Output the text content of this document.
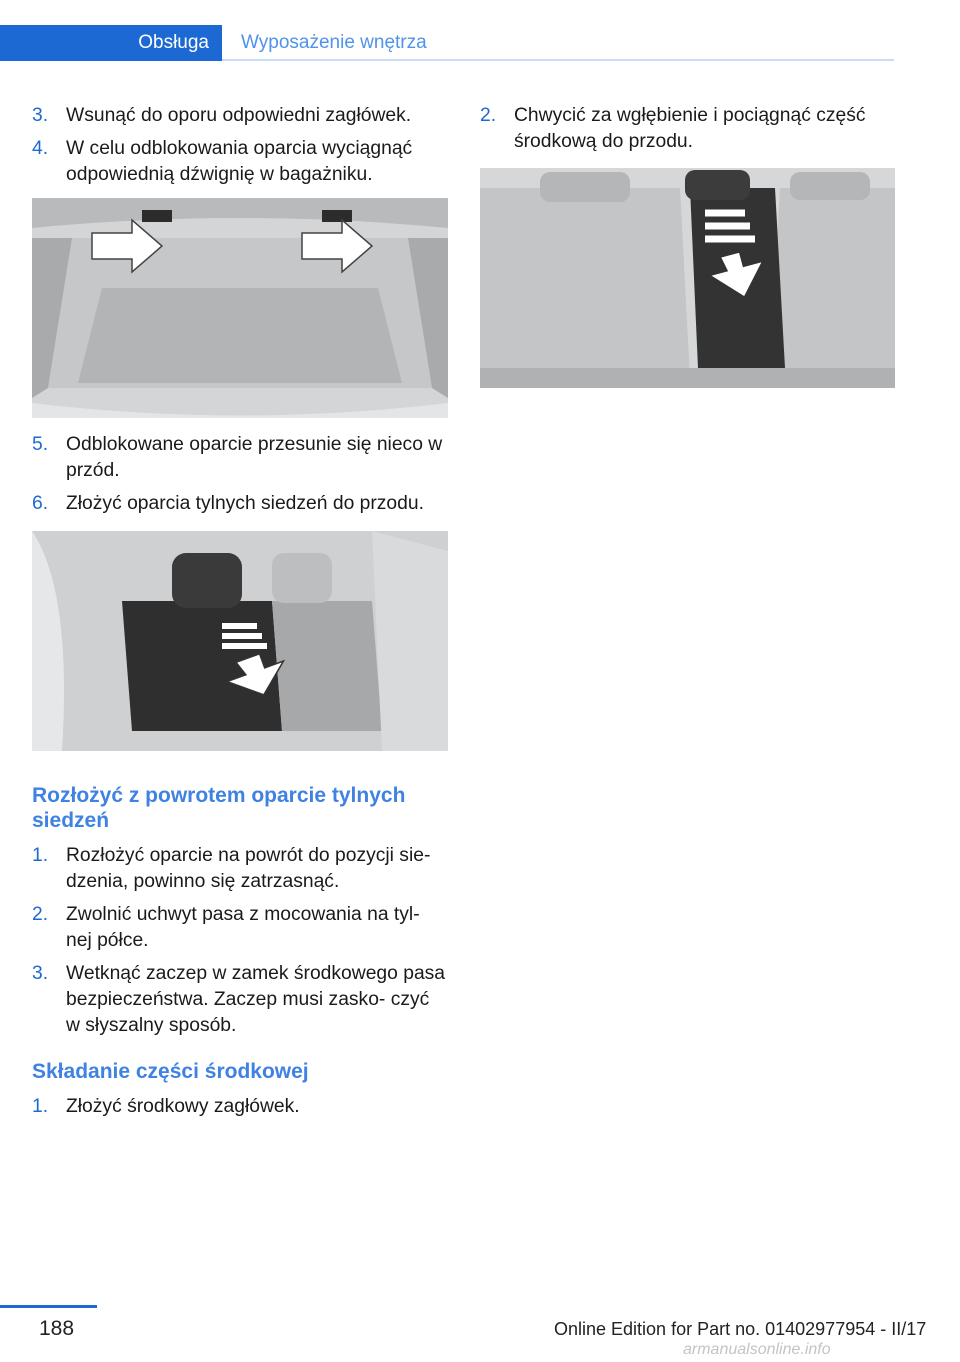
Obsługa	Wyposażenie wnętrza
3. Wsunąć do oporu odpowiedni zagłówek.
4. W celu odblokowania oparcia wyciągnąć odpowiednią dźwignię w bagażniku.
5. Odblokowane oparcie przesunie się nieco w przód.
6. Złożyć oparcia tylnych siedzeń do przodu.
Rozłożyć z powrotem oparcie tylnych siedzeń
1. Rozłożyć oparcie na powrót do pozycji sie- dzenia, powinno się zatrzasnąć.
2. Zwolnić uchwyt pasa z mocowania na tyl- nej półce.
3. Wetknąć zaczep w zamek środkowego pasa bezpieczeństwa. Zaczep musi zasko- czyć w słyszalny sposób.
Składanie części środkowej
1. Złożyć środkowy zagłówek.
2. Chwycić za wgłębienie i pociągnąć część środkową do przodu.
188	Online Edition for Part no. 01402977954 - II/17
armanualsonline.info
